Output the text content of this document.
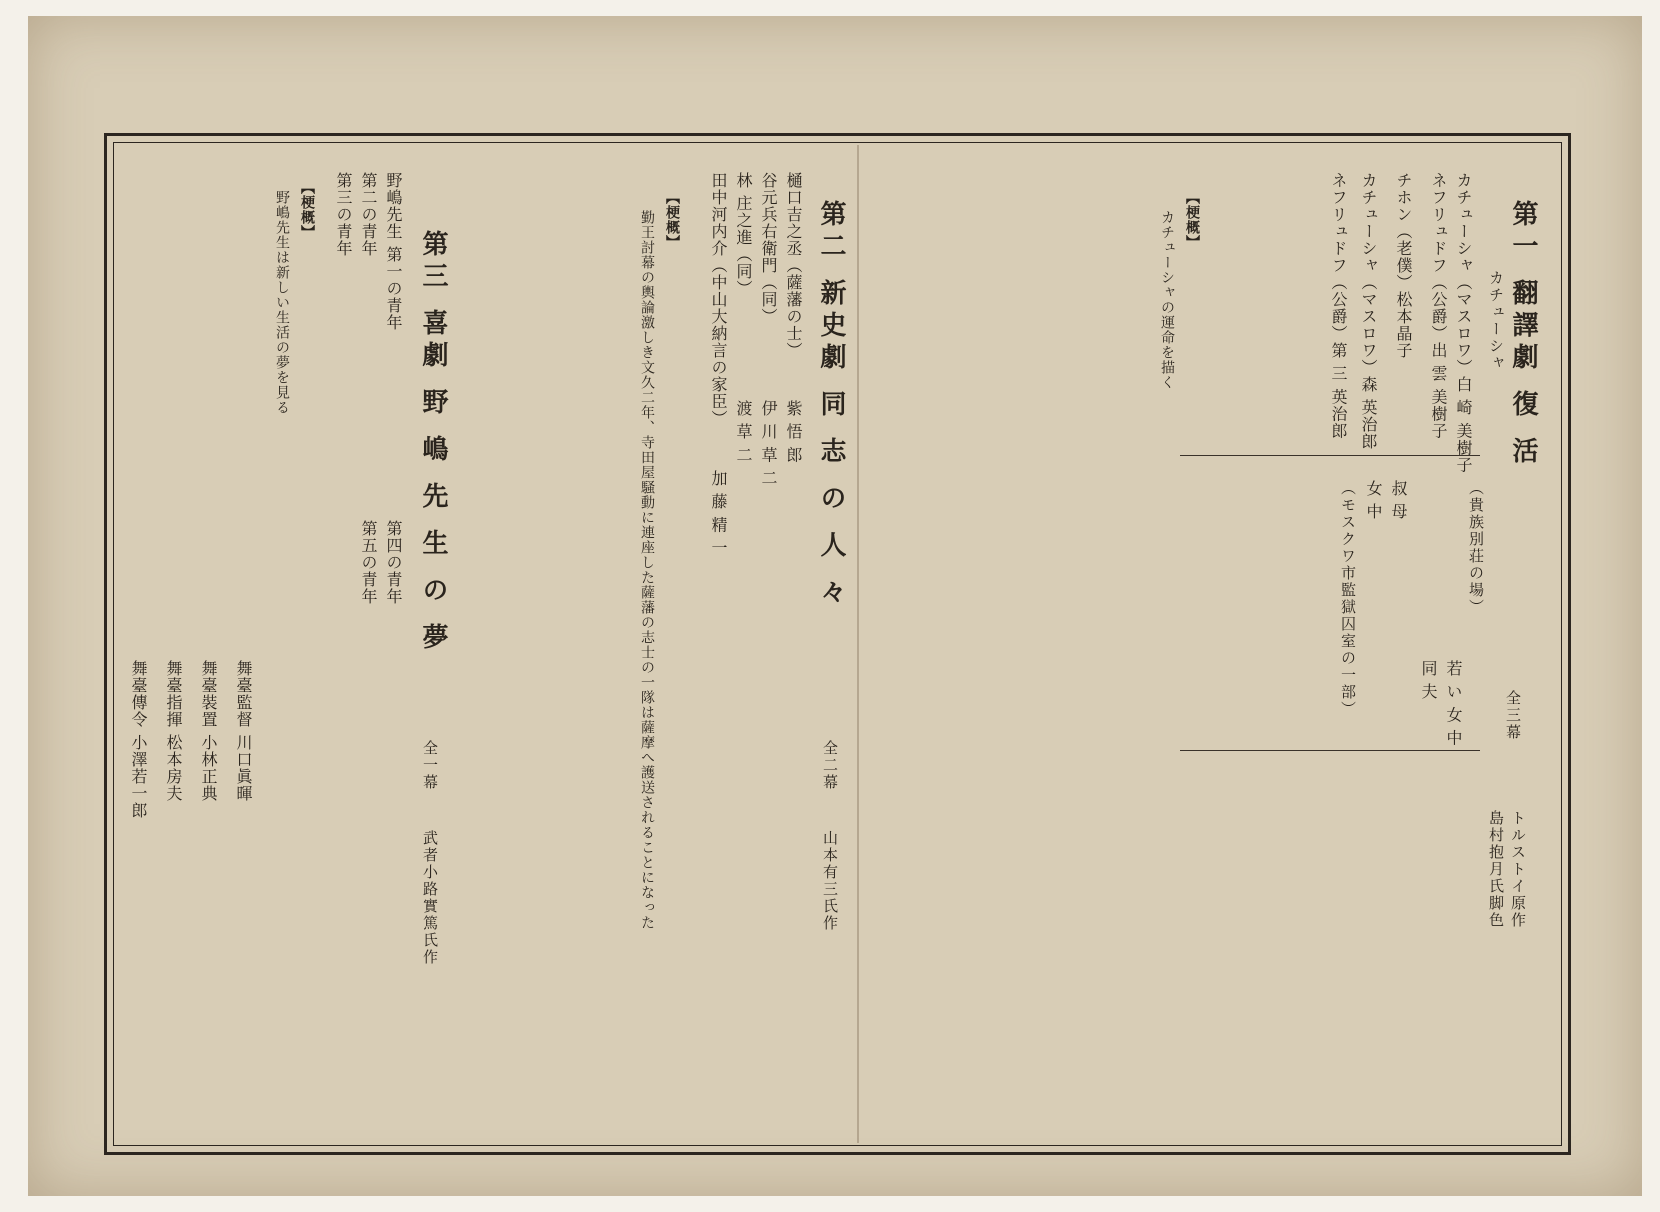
第一 翻譯劇 復 活
カチューシャ
全三幕
トルストイ原作
島村抱月氏脚色
カチューシャ（マスロワ）白 崎 美樹子
ネフリュドフ（公爵）出 雲 美樹子
チホン（老僕）松本晶子
カチューシャ（マスロワ）森 英治郎
ネフリュドフ（公爵）第 三 英治郎
（貴族別荘の場）
若 い 女 中
同 夫
叔 母
女 中
（モスクワ市監獄囚室の一部）
【梗概】
カチューシャの運命を描く
第二 新史劇 同 志 の 人 々
全二幕
山本有三氏作
樋口吉之丞（薩藩の士）
谷元兵右衛門（同）
林 庄之進（同）
田中河内介（中山大納言の家臣）
紫 悟 郎
伊 川 草 二
渡 草 二
加 藤 精 一
【梗概】
勤王討幕の輿論激しき文久二年、寺田屋騒動に連座した薩藩の志士の一隊は薩摩へ護送されることになった
第三 喜劇 野 嶋 先 生 の 夢
全一幕
武者小路實篤氏作
野嶋先生 第一の青年
第二の青年
第三の青年
第四の青年
第五の青年
【梗概】
野嶋先生は新しい生活の夢を見る
舞臺監督 川口眞暉
舞臺裝置 小林正典
舞臺指揮 松本房夫
舞臺傳令 小澤若一郎
